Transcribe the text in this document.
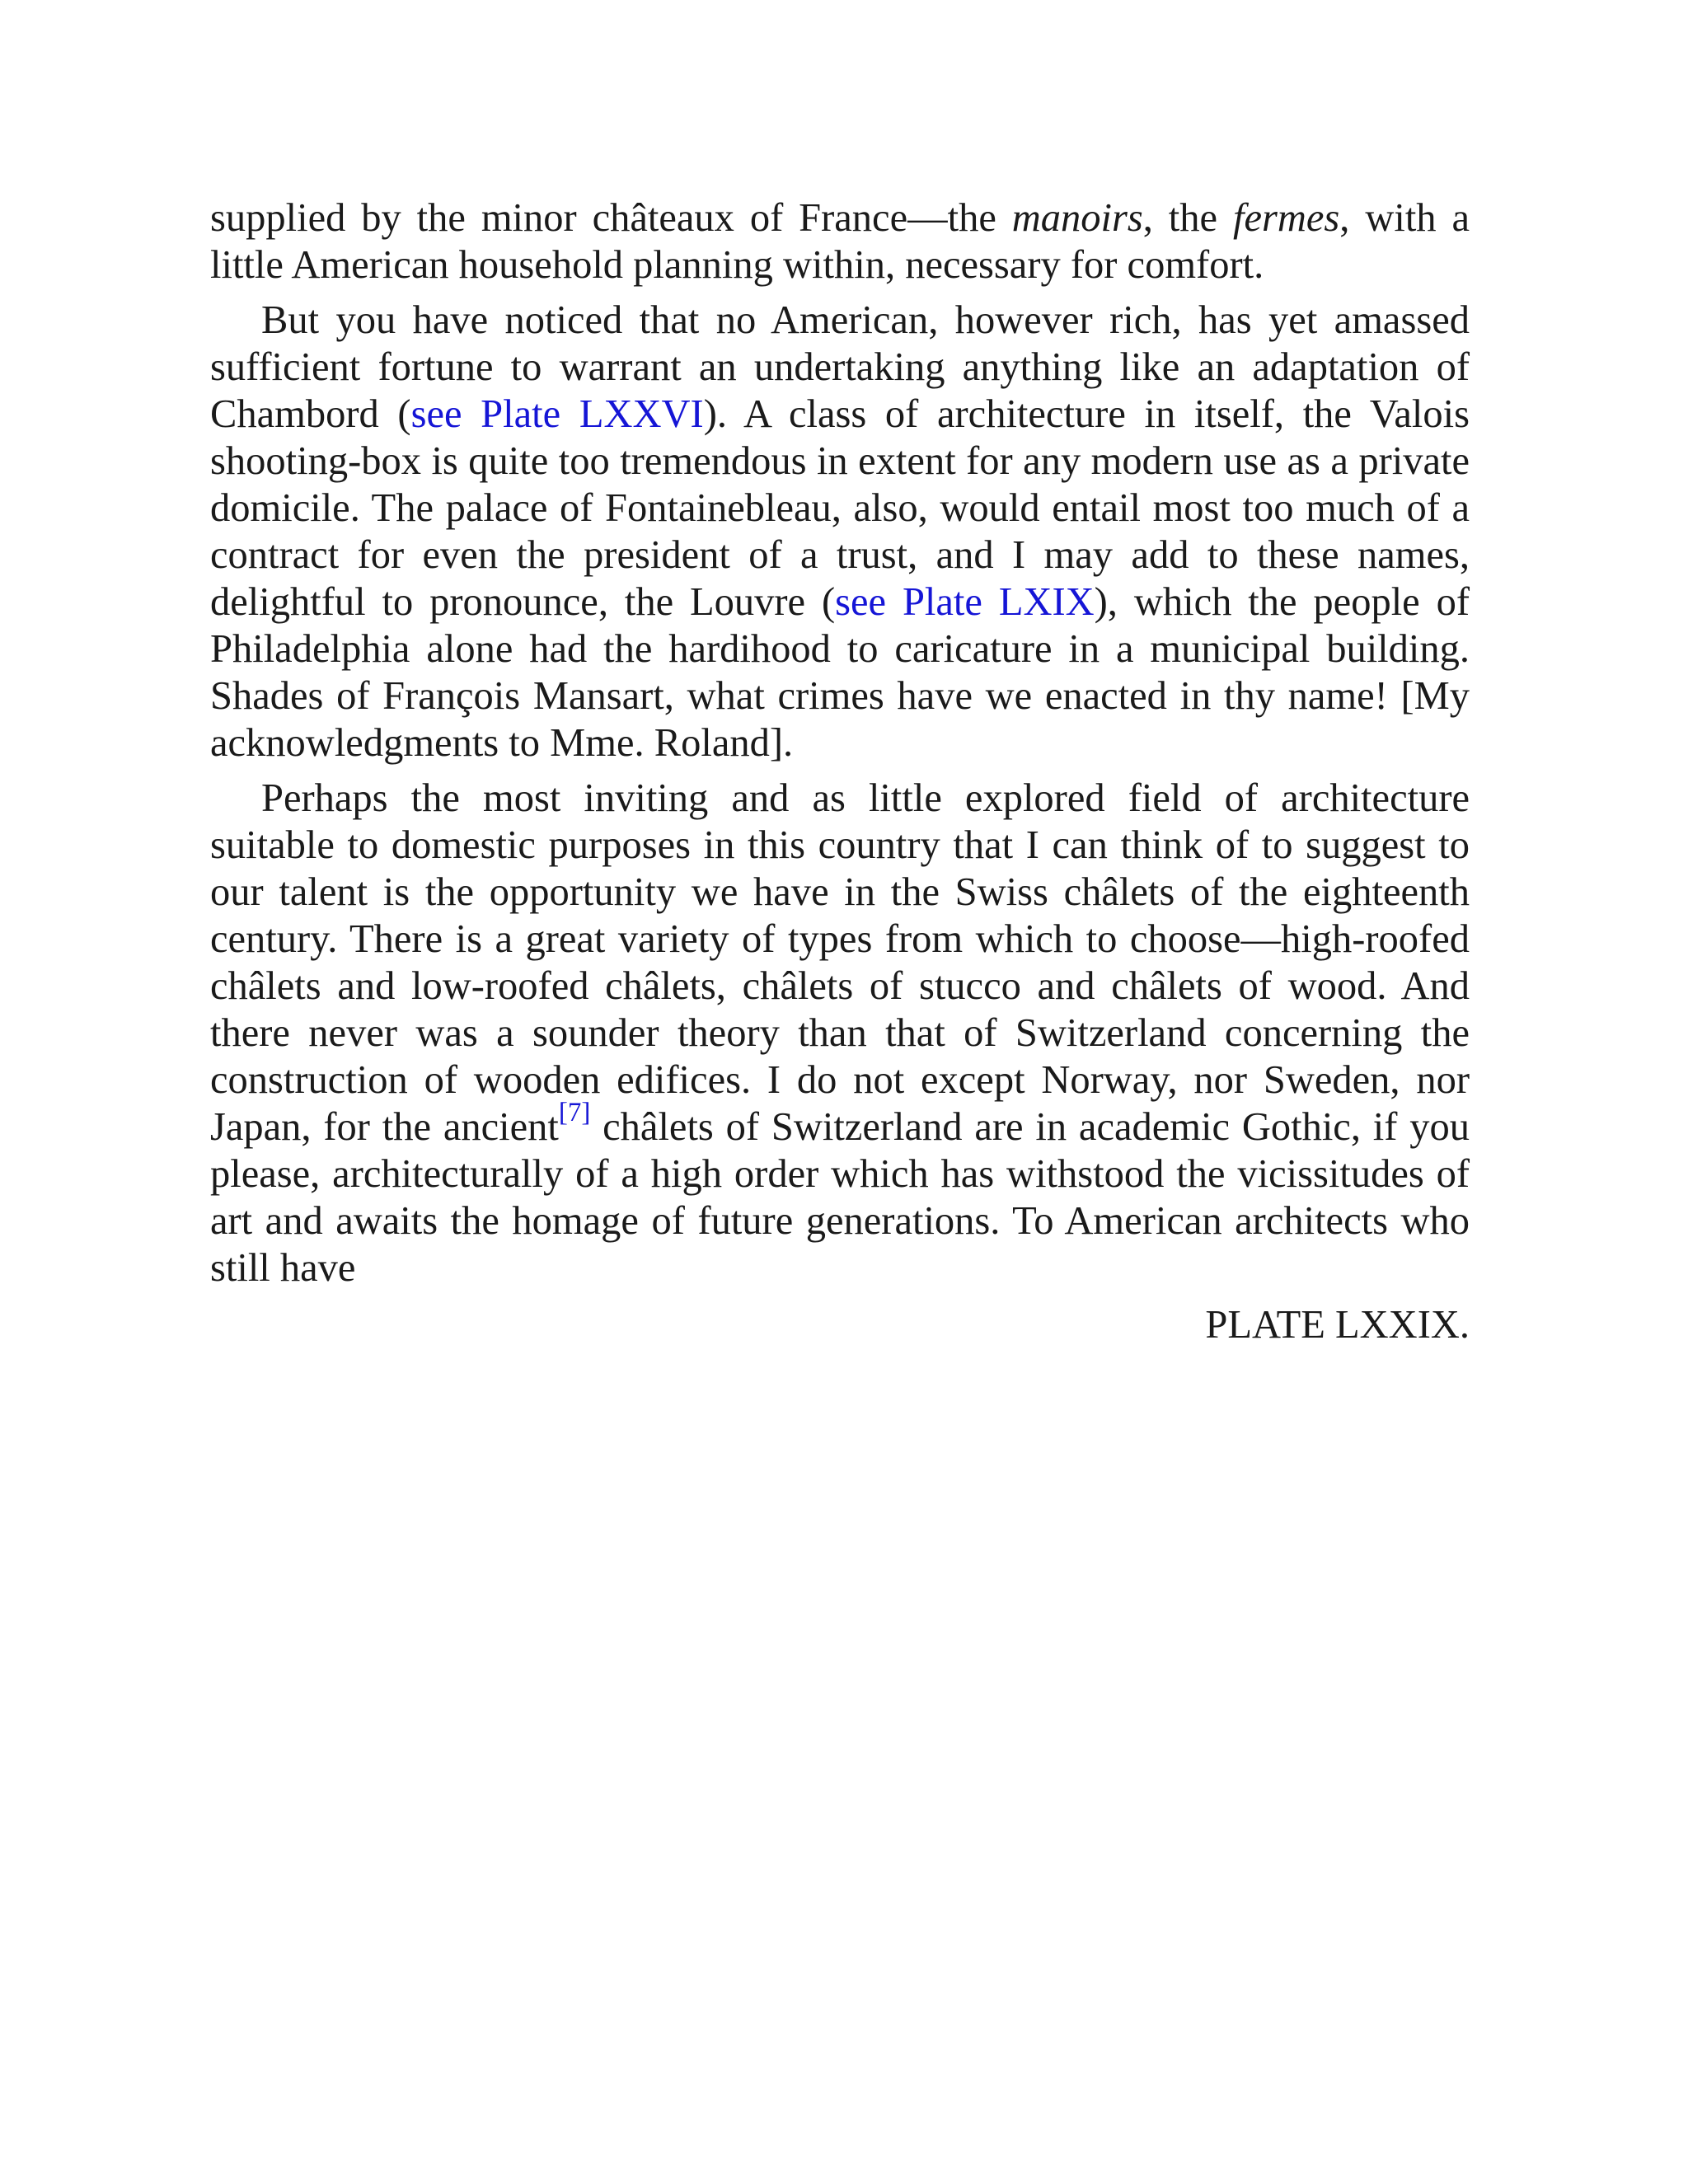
supplied by the minor châteaux of France—the manoirs, the fermes, with a little American household planning within, necessary for comfort.

But you have noticed that no American, however rich, has yet amassed sufficient fortune to warrant an undertaking anything like an adaptation of Chambord (see Plate LXXVI). A class of architecture in itself, the Valois shooting-box is quite too tremendous in extent for any modern use as a private domicile. The palace of Fontainebleau, also, would entail most too much of a contract for even the president of a trust, and I may add to these names, delightful to pronounce, the Louvre (see Plate LXIX), which the people of Philadelphia alone had the hardihood to caricature in a municipal building. Shades of François Mansart, what crimes have we enacted in thy name! [My acknowledgments to Mme. Roland].

Perhaps the most inviting and as little explored field of architecture suitable to domestic purposes in this country that I can think of to suggest to our talent is the opportunity we have in the Swiss châlets of the eighteenth century. There is a great variety of types from which to choose—high-roofed châlets and low-roofed châlets, châlets of stucco and châlets of wood. And there never was a sounder theory than that of Switzerland concerning the construction of wooden edifices. I do not except Norway, nor Sweden, nor Japan, for the ancient[7] châlets of Switzerland are in academic Gothic, if you please, architecturally of a high order which has withstood the vicissitudes of art and awaits the homage of future generations. To American architects who still have

PLATE LXXIX.
